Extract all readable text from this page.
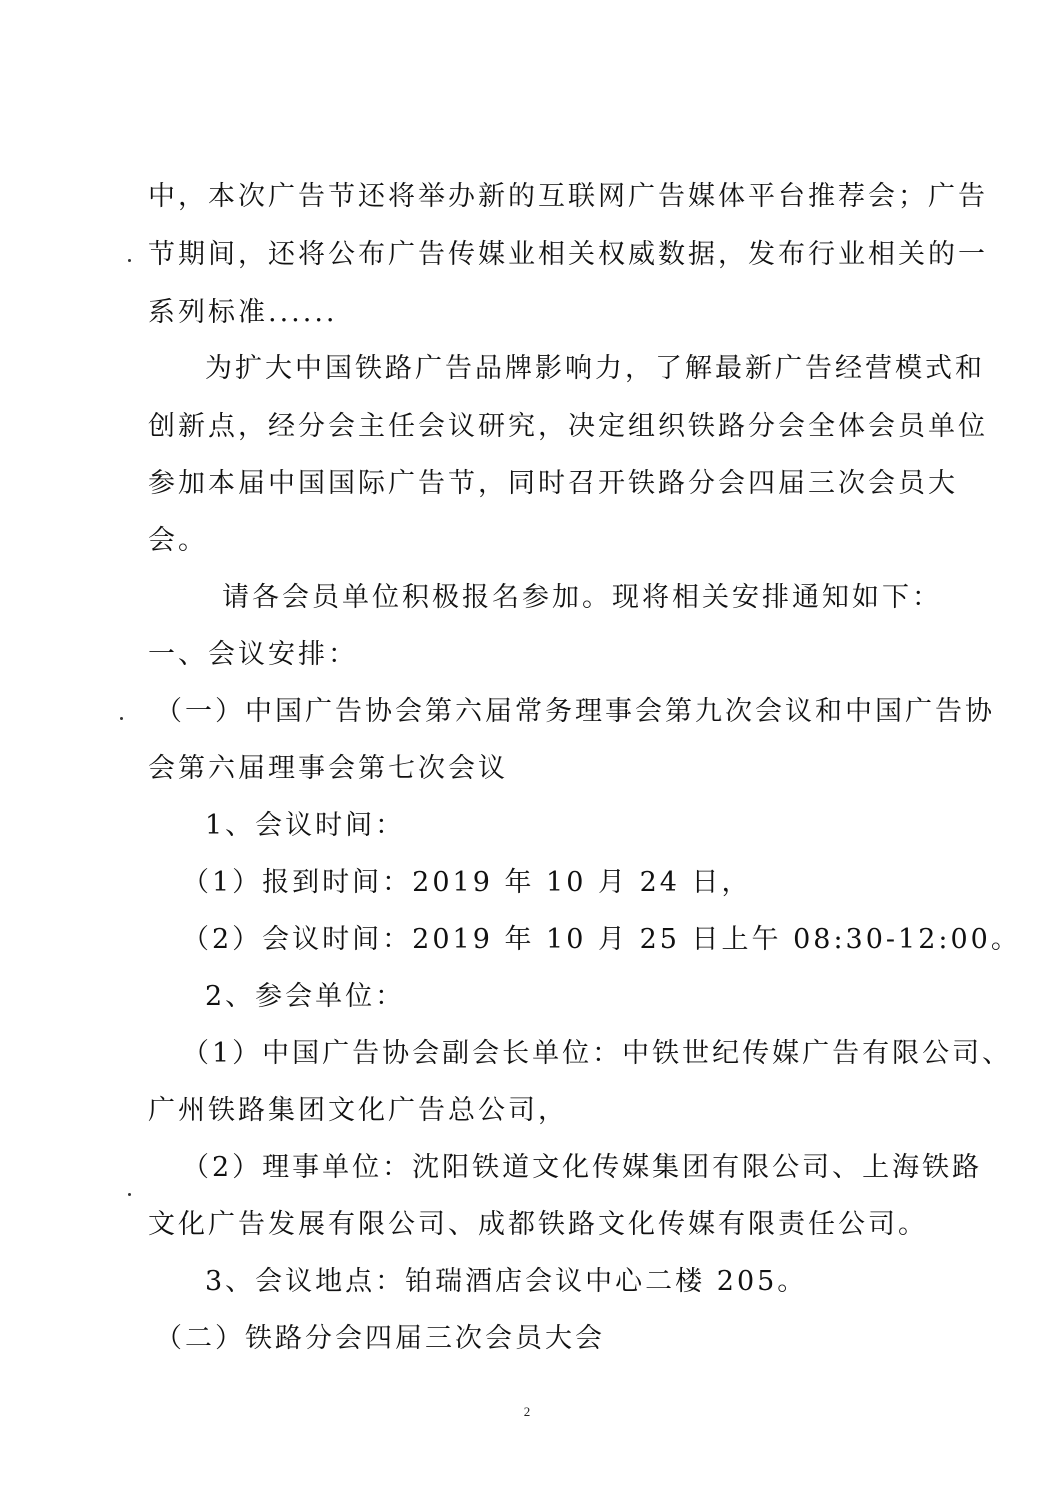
中，本次广告节还将举办新的互联网广告媒体平台推荐会；广告
节期间，还将公布广告传媒业相关权威数据，发布行业相关的一
系列标准......
为扩大中国铁路广告品牌影响力，了解最新广告经营模式和
创新点，经分会主任会议研究，决定组织铁路分会全体会员单位
参加本届中国国际广告节，同时召开铁路分会四届三次会员大
会。
请各会员单位积极报名参加。现将相关安排通知如下：
一、会议安排：
（一）中国广告协会第六届常务理事会第九次会议和中国广告协
会第六届理事会第七次会议
1、会议时间：
（1）报到时间：2019 年 10 月 24 日，
（2）会议时间：2019 年 10 月 25 日上午 08:30-12:00。
2、参会单位：
（1）中国广告协会副会长单位：中铁世纪传媒广告有限公司、
广州铁路集团文化广告总公司，
（2）理事单位：沈阳铁道文化传媒集团有限公司、上海铁路
文化广告发展有限公司、成都铁路文化传媒有限责任公司。
3、会议地点：铂瑞酒店会议中心二楼 205。
（二）铁路分会四届三次会员大会
2
